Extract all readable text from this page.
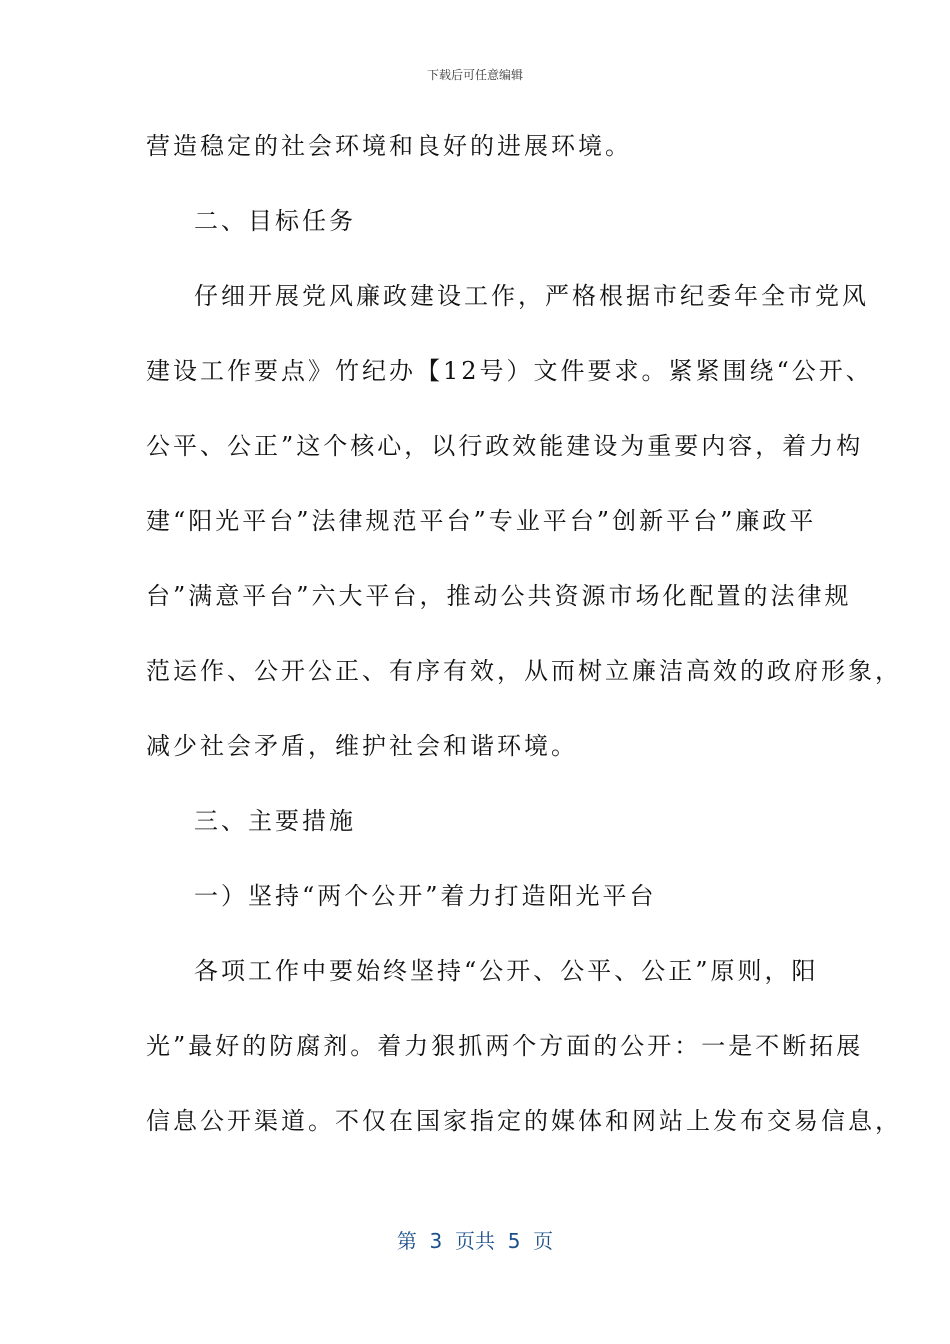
下载后可任意编辑
营造稳定的社会环境和良好的进展环境。
二、目标任务
仔细开展党风廉政建设工作，严格根据市纪委年全市党风
建设工作要点》竹纪办【12号）文件要求。紧紧围绕“公开、
公平、公正”这个核心，以行政效能建设为重要内容，着力构
建“阳光平台”法律规范平台”专业平台”创新平台”廉政平
台”满意平台”六大平台，推动公共资源市场化配置的法律规
范运作、公开公正、有序有效，从而树立廉洁高效的政府形象，
减少社会矛盾，维护社会和谐环境。
三、主要措施
一）坚持“两个公开”着力打造阳光平台
各项工作中要始终坚持“公开、公平、公正”原则，阳
光”最好的防腐剂。着力狠抓两个方面的公开：一是不断拓展
信息公开渠道。不仅在国家指定的媒体和网站上发布交易信息，
第  3  页共  5  页
